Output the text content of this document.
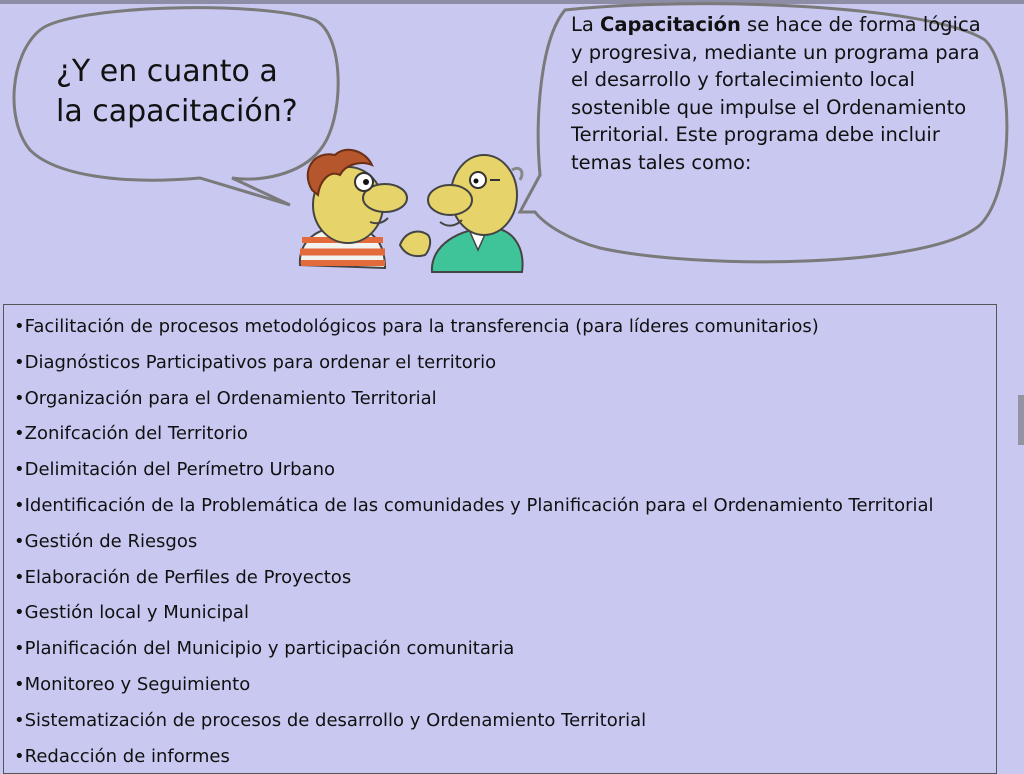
¿Y en cuanto a
la capacitación?
La Capacitación se hace de forma lógica y progresiva, mediante un programa para el desarrollo y fortalecimiento local sostenible que impulse el Ordenamiento Territorial. Este programa debe incluir temas tales como:
•Facilitación de procesos metodológicos para la transferencia (para líderes comunitarios)
•Diagnósticos Participativos para ordenar el territorio
•Organización para el Ordenamiento Territorial
•Zonifcación del Territorio
•Delimitación del Perímetro Urbano
•Identificación de la Problemática de las comunidades y Planificación para el Ordenamiento Territorial
•Gestión de Riesgos
•Elaboración de Perfiles de Proyectos
•Gestión local y Municipal
•Planificación del Municipio y participación comunitaria
•Monitoreo y Seguimiento
•Sistematización de procesos de desarrollo y Ordenamiento Territorial
•Redacción de informes
